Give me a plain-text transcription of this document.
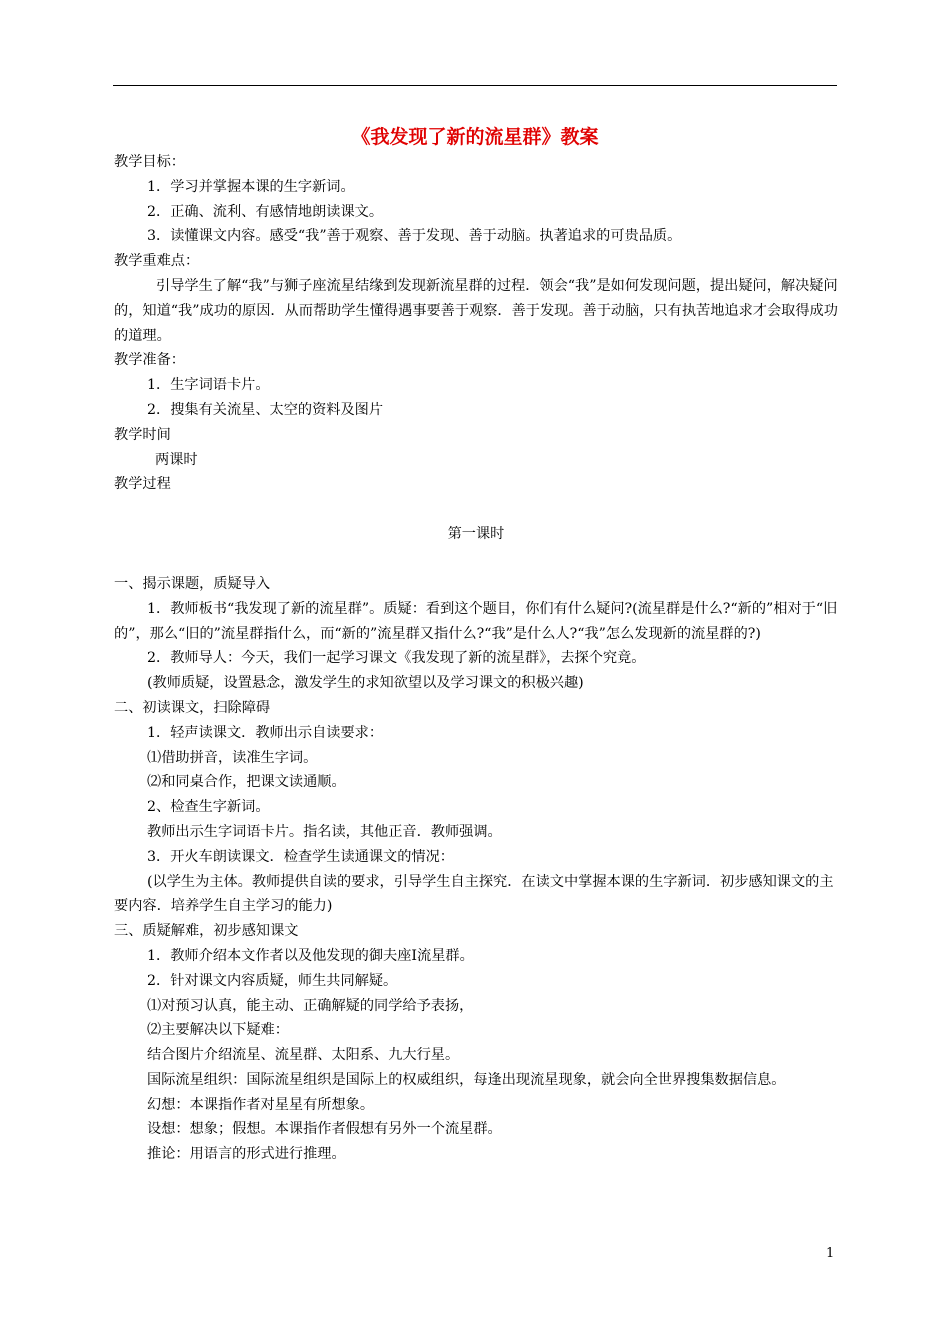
《我发现了新的流星群》教案

教学目标：

1．学习并掌握本课的生字新词。

2．正确、流利、有感情地朗读课文。

3．读懂课文内容。感受“我”善于观察、善于发现、善于动脑。执著追求的可贵品质。

教学重难点：

引导学生了解“我”与狮子座流星结缘到发现新流星群的过程．领会“我”是如何发现问题，提出疑问，解决疑问的，知道“我”成功的原因．从而帮助学生懂得遇事要善于观察．善于发现。善于动脑，只有执苦地追求才会取得成功的道理。

教学准备：

1．生字词语卡片。

2．搜集有关流星、太空的资料及图片

教学时间

两课时

教学过程

第一课时

一、揭示课题，质疑导入

1．教师板书“我发现了新的流星群”。质疑：看到这个题目，你们有什么疑问?(流星群是什么?“新的”相对于“旧的”，那么“旧的”流星群指什么，而“新的”流星群又指什么?“我”是什么人?“我”怎么发现新的流星群的?)

2．教师导人：今天，我们一起学习课文《我发现了新的流星群》，去探个究竟。

(教师质疑，设置悬念，激发学生的求知欲望以及学习课文的积极兴趣)

二、初读课文，扫除障碍

1．轻声读课文．教师出示自读要求：

⑴借助拼音，读准生字词。

⑵和同桌合作，把课文读通顺。

2、检查生字新词。

教师出示生字词语卡片。指名读，其他正音．教师强调。

3．开火车朗读课文．检查学生读通课文的情况：

(以学生为主体。教师提供自读的要求，引导学生自主探究．在读文中掌握本课的生字新词．初步感知课文的主要内容．培养学生自主学习的能力)

三、质疑解难，初步感知课文

1．教师介绍本文作者以及他发现的御夫座Ⅰ流星群。

2．针对课文内容质疑，师生共同解疑。

⑴对预习认真，能主动、正确解疑的同学给予表扬，

⑵主要解决以下疑难：

结合图片介绍流星、流星群、太阳系、九大行星。

国际流星组织：国际流星组织是国际上的权威组织，每逢出现流星现象，就会向全世界搜集数据信息。

幻想：本课指作者对星星有所想象。

设想：想象；假想。本课指作者假想有另外一个流星群。

推论：用语言的形式进行推理。

1
